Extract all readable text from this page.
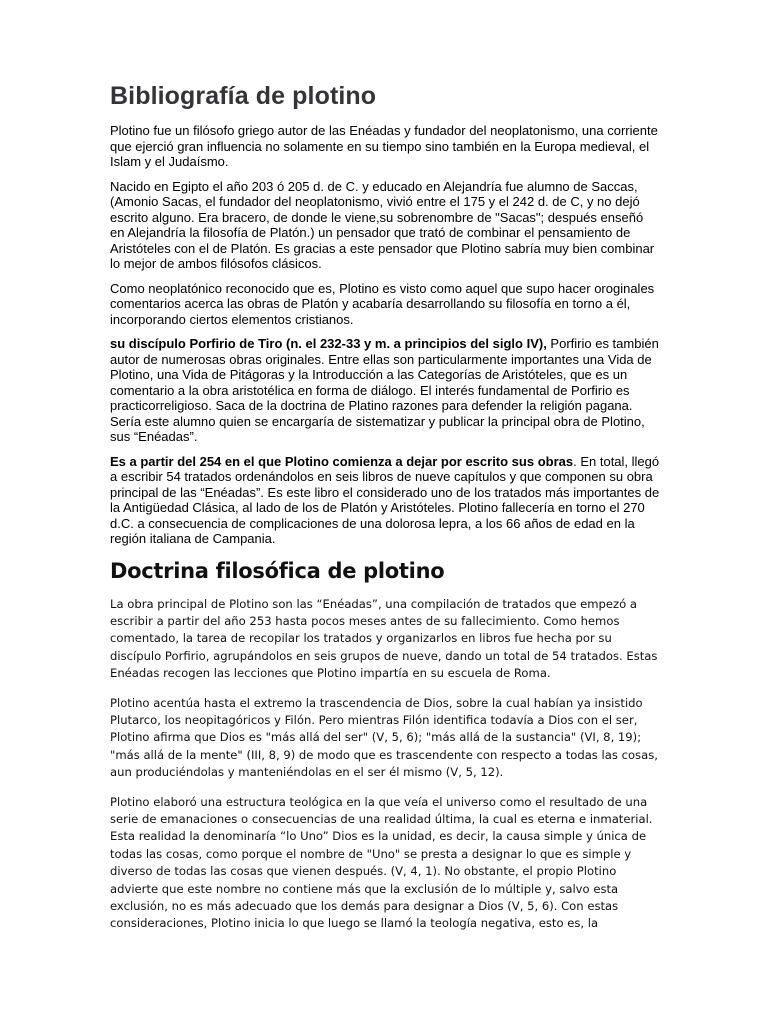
Bibliografía de plotino

Plotino fue un filósofo griego autor de las Enéadas y fundador del neoplatonismo, una corriente que ejerció gran influencia no solamente en su tiempo sino también en la Europa medieval, el Islam y el Judaísmo.

Nacido en Egipto el año 203 ó 205 d. de C. y educado en Alejandría fue alumno de Saccas, (Amonio Sacas, el fundador del neoplatonismo, vivió entre el 175 y el 242 d. de C, y no dejó escrito alguno. Era bracero, de donde le viene,su sobrenombre de "Sacas"; después enseñó en Alejandría la filosofía de Platón.) un pensador que trató de combinar el pensamiento de Aristóteles con el de Platón. Es gracias a este pensador que Plotino sabría muy bien combinar lo mejor de ambos filósofos clásicos.

Como neoplatónico reconocido que es, Plotino es visto como aquel que supo hacer oroginales comentarios acerca las obras de Platón y acabaría desarrollando su filosofía en torno a él, incorporando ciertos elementos cristianos.

su discípulo Porfirio de Tiro (n. el 232-33 y m. a principios del siglo IV), Porfirio es también autor de numerosas obras originales. Entre ellas son particularmente importantes una Vida de Plotino, una Vida de Pitágoras y la Introducción a las Categorías de Aristóteles, que es un comentario a la obra aristotélica en forma de diálogo. El interés fundamental de Porfirio es practicorreligioso. Saca de la doctrina de Platino razones para defender la religión pagana. Sería este alumno quien se encargaría de sistematizar y publicar la principal obra de Plotino, sus “Enéadas”.

Es a partir del 254 en el que Plotino comienza a dejar por escrito sus obras. En total, llegó a escribir 54 tratados ordenándolos en seis libros de nueve capítulos y que componen su obra principal de las “Enéadas”. Es este libro el considerado uno de los tratados más importantes de la Antigüedad Clásica, al lado de los de Platón y Aristóteles. Plotino fallecería en torno el 270 d.C. a consecuencia de complicaciones de una dolorosa lepra, a los 66 años de edad en la región italiana de Campania.

Doctrina filosófica de plotino

La obra principal de Plotino son las “Enéadas”, una compilación de tratados que empezó a escribir a partir del año 253 hasta pocos meses antes de su fallecimiento. Como hemos comentado, la tarea de recopilar los tratados y organizarlos en libros fue hecha por su discípulo Porfirio, agrupándolos en seis grupos de nueve, dando un total de 54 tratados. Estas Enéadas recogen las lecciones que Plotino impartía en su escuela de Roma.

Plotino acentúa hasta el extremo la trascendencia de Dios, sobre la cual habían ya insistido Plutarco, los neopitagóricos y Filón. Pero mientras Filón identifica todavía a Dios con el ser, Plotino afirma que Dios es "más allá del ser" (V, 5, 6); "más allá de la sustancia" (VI, 8, 19); "más allá de la mente" (III, 8, 9) de modo que es trascendente con respecto a todas las cosas, aun produciéndolas y manteniéndolas en el ser él mismo (V, 5, 12).

Plotino elaboró una estructura teológica en la que veía el universo como el resultado de una serie de emanaciones o consecuencias de una realidad última, la cual es eterna e inmaterial. Esta realidad la denominaría “lo Uno” Dios es la unidad, es decir, la causa simple y única de todas las cosas, como porque el nombre de "Uno" se presta a designar lo que es simple y diverso de todas las cosas que vienen después. (V, 4, 1). No obstante, el propio Plotino advierte que este nombre no contiene más que la exclusión de lo múltiple y, salvo esta exclusión, no es más adecuado que los demás para designar a Dios (V, 5, 6). Con estas consideraciones, Plotino inicia lo que luego se llamó la teología negativa, esto es, la
